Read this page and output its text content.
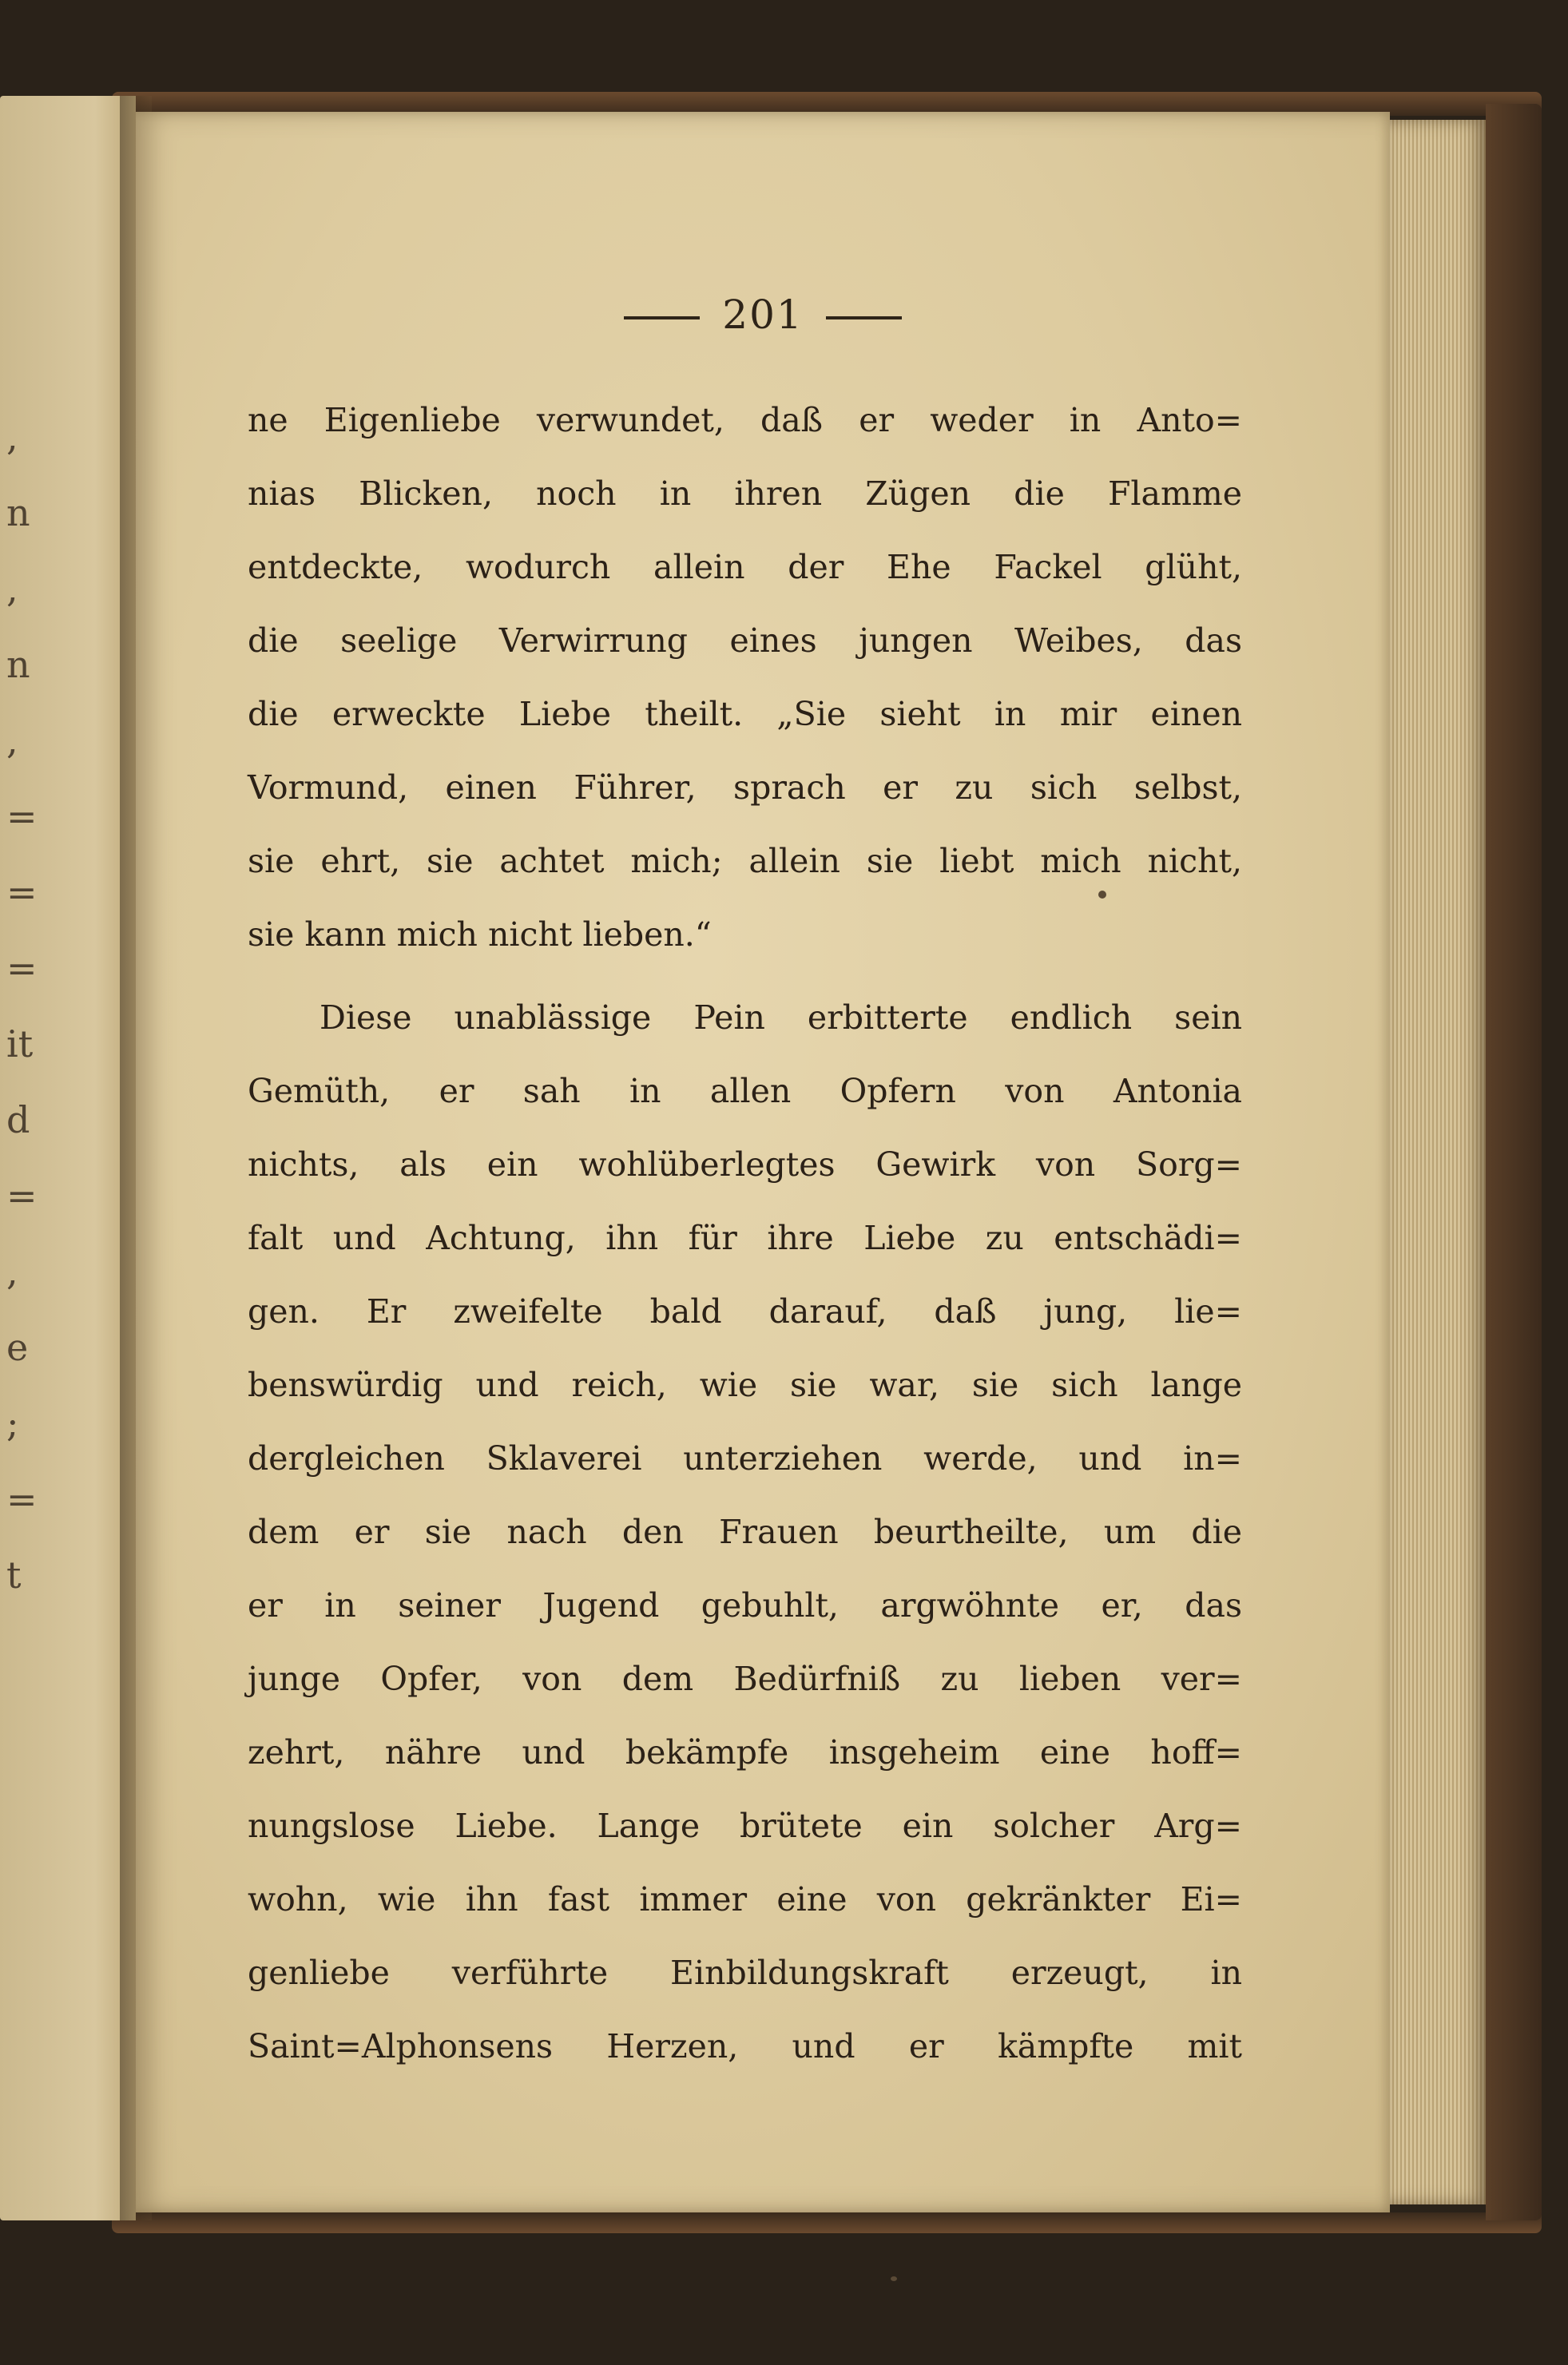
,
n
,
n
,
=
=
=
it
d
=
,
e
;
=
t
201
ne Eigenliebe verwundet, daß er weder in Anto=
nias Blicken, noch in ihren Zügen die Flamme
entdeckte, wodurch allein der Ehe Fackel glüht,
die seelige Verwirrung eines jungen Weibes, das
die erweckte Liebe theilt. „Sie sieht in mir einen
Vormund, einen Führer, sprach er zu sich selbst,
sie ehrt, sie achtet mich; allein sie liebt mich nicht,
sie kann mich nicht lieben.“
Diese unablässige Pein erbitterte endlich sein
Gemüth, er sah in allen Opfern von Antonia
nichts, als ein wohlüberlegtes Gewirk von Sorg=
falt und Achtung, ihn für ihre Liebe zu entschädi=
gen. Er zweifelte bald darauf, daß jung, lie=
benswürdig und reich, wie sie war, sie sich lange
dergleichen Sklaverei unterziehen werde, und in=
dem er sie nach den Frauen beurtheilte, um die
er in seiner Jugend gebuhlt, argwöhnte er, das
junge Opfer, von dem Bedürfniß zu lieben ver=
zehrt, nähre und bekämpfe insgeheim eine hoff=
nungslose Liebe. Lange brütete ein solcher Arg=
wohn, wie ihn fast immer eine von gekränkter Ei=
genliebe verführte Einbildungskraft erzeugt, in
Saint=Alphonsens Herzen, und er kämpfte mit
